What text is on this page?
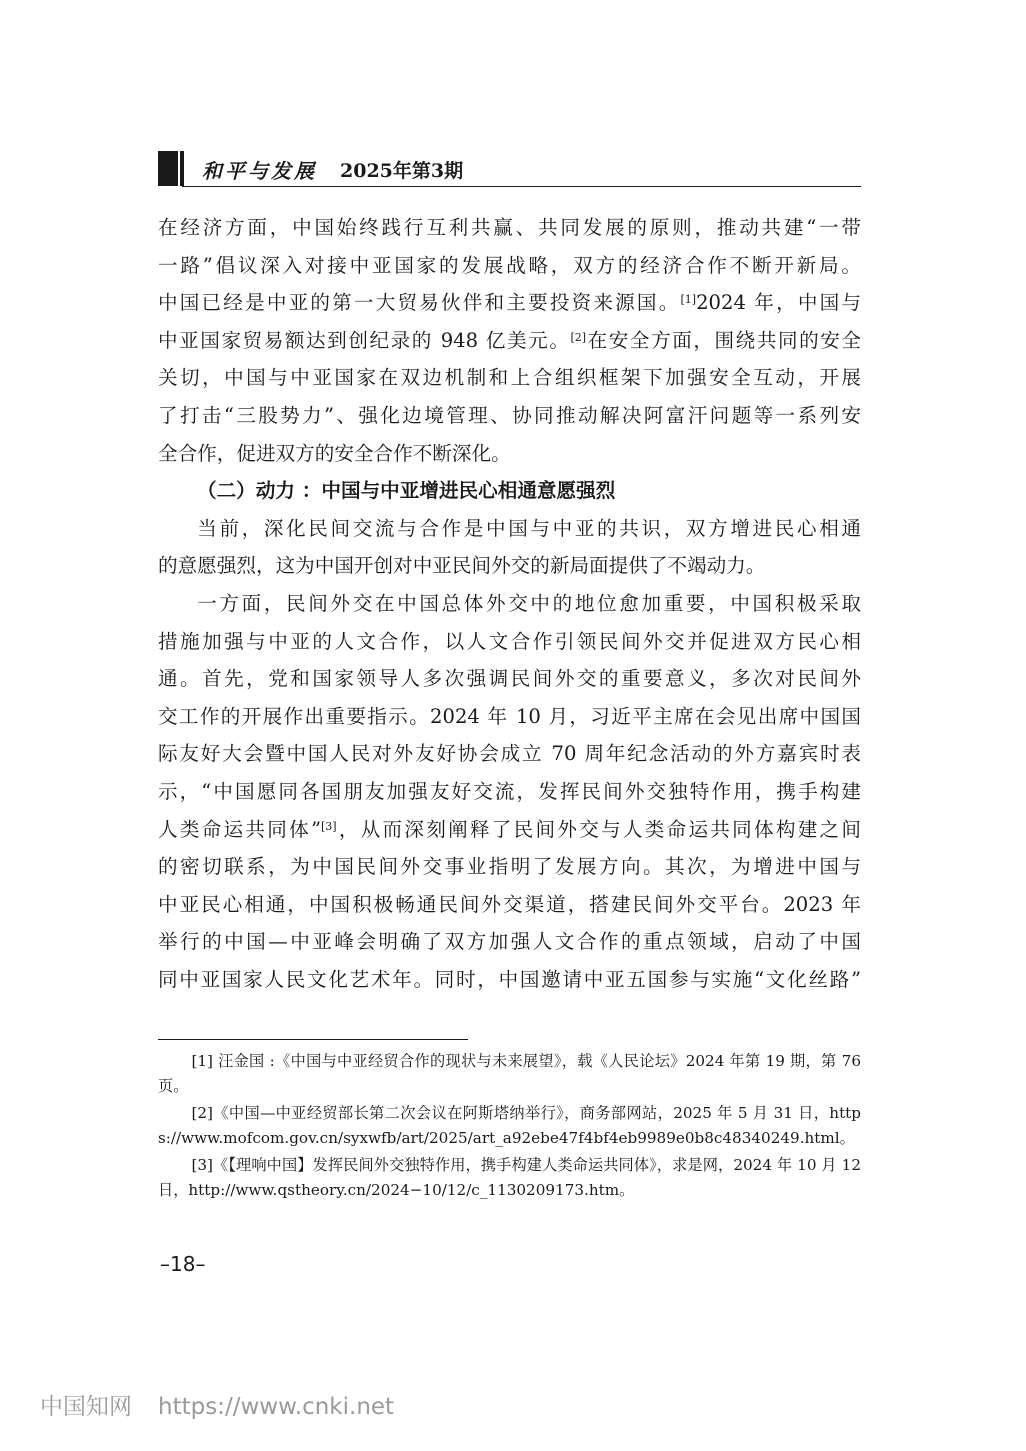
和平与发展 2025年第3期

在经济方面，中国始终践行互利共赢、共同发展的原则，推动共建“一带

一路”倡议深入对接中亚国家的发展战略，双方的经济合作不断开新局。

中国已经是中亚的第一大贸易伙伴和主要投资来源国。[1]2024 年，中国与

中亚国家贸易额达到创纪录的 948 亿美元。[2]在安全方面，围绕共同的安全

关切，中国与中亚国家在双边机制和上合组织框架下加强安全互动，开展

了打击“三股势力”、强化边境管理、协同推动解决阿富汗问题等一系列安

全合作，促进双方的安全合作不断深化。

（二）动力 ：中国与中亚增进民心相通意愿强烈

当前，深化民间交流与合作是中国与中亚的共识，双方增进民心相通

的意愿强烈，这为中国开创对中亚民间外交的新局面提供了不竭动力。

一方面，民间外交在中国总体外交中的地位愈加重要，中国积极采取

措施加强与中亚的人文合作，以人文合作引领民间外交并促进双方民心相

通。首先，党和国家领导人多次强调民间外交的重要意义，多次对民间外

交工作的开展作出重要指示。2024 年 10 月，习近平主席在会见出席中国国

际友好大会暨中国人民对外友好协会成立 70 周年纪念活动的外方嘉宾时表

示，“中国愿同各国朋友加强友好交流，发挥民间外交独特作用，携手构建

人类命运共同体”[3]，从而深刻阐释了民间外交与人类命运共同体构建之间

的密切联系，为中国民间外交事业指明了发展方向。其次，为增进中国与

中亚民心相通，中国积极畅通民间外交渠道，搭建民间外交平台。2023 年

举行的中国—中亚峰会明确了双方加强人文合作的重点领域，启动了中国

同中亚国家人民文化艺术年。同时，中国邀请中亚五国参与实施“文化丝路”

[1] 汪金国 :《中国与中亚经贸合作的现状与未来展望》，载《人民论坛》2024 年第 19 期，第 76 页。

[2]《中国—中亚经贸部长第二次会议在阿斯塔纳举行》，商务部网站，2025 年 5 月 31 日，https://www.mofcom.gov.cn/syxwfb/art/2025/art_a92ebe47f4bf4eb9989e0b8c48340249.html。

[3]《【理响中国】发挥民间外交独特作用，携手构建人类命运共同体》，求是网，2024 年 10 月 12 日，http://www.qstheory.cn/2024−10/12/c_1130209173.htm。

–18–
中国知网 https://www.cnki.net
